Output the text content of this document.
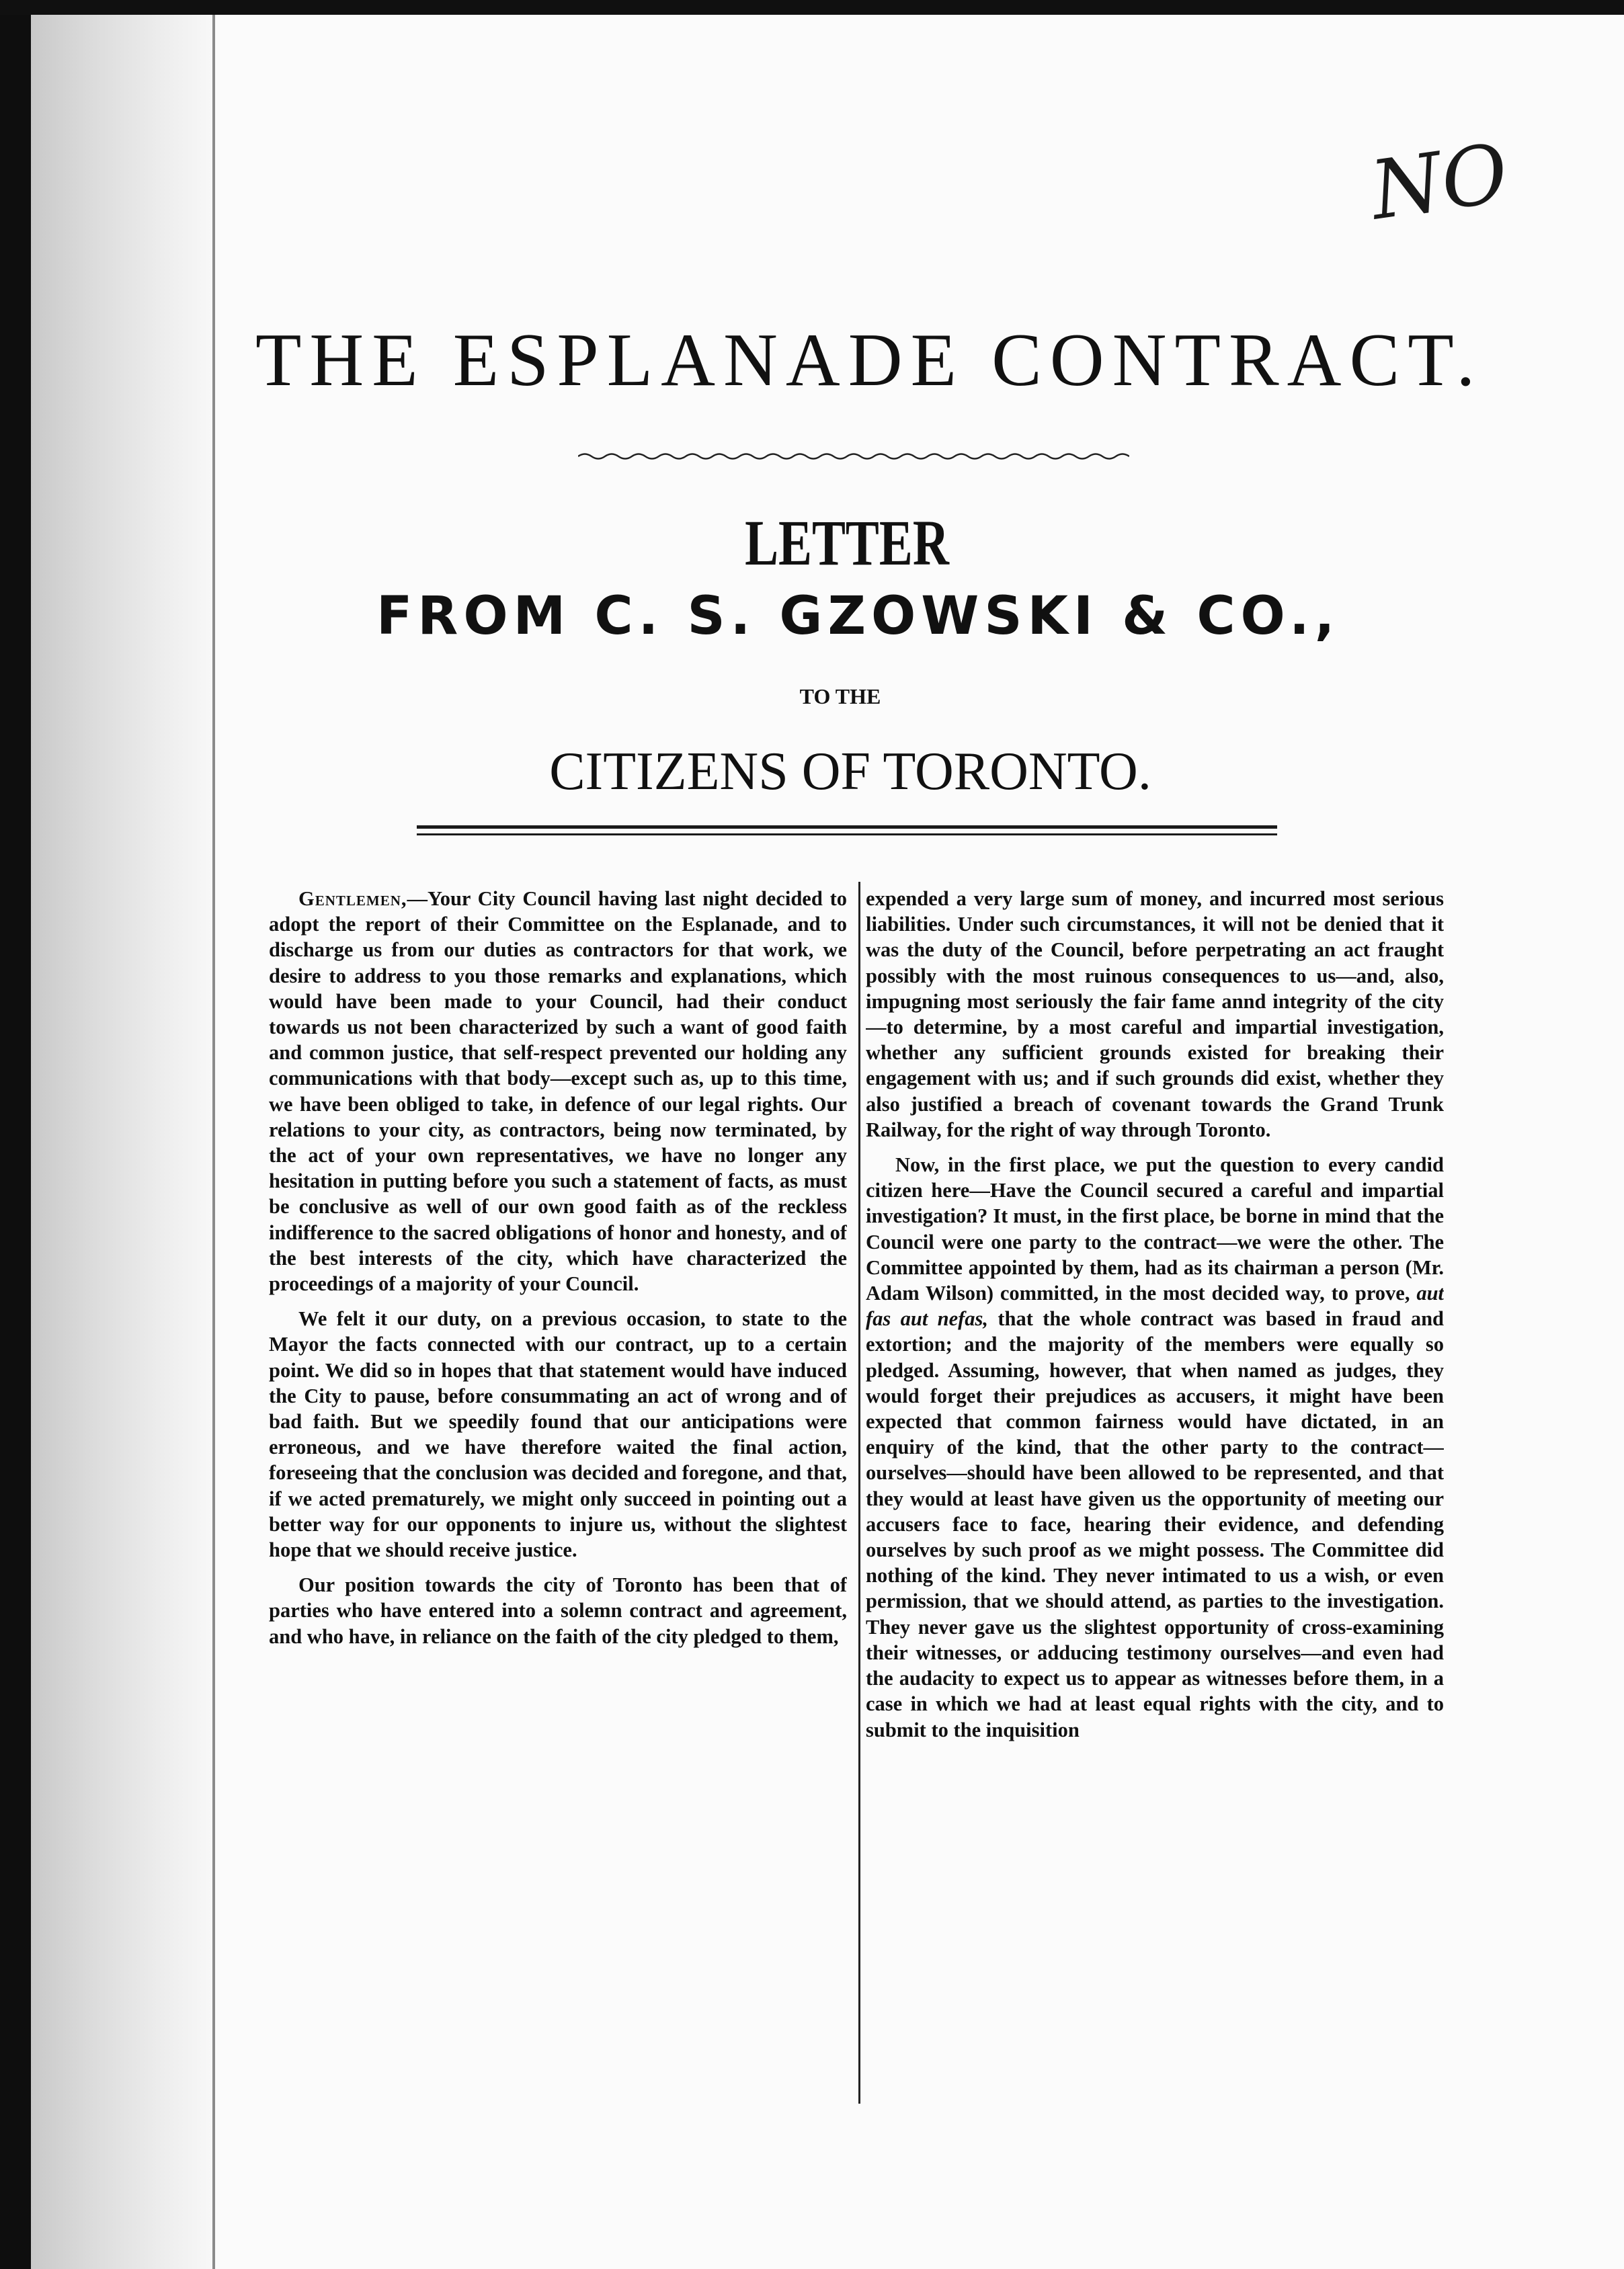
NO
THE ESPLANADE CONTRACT.
LETTER
FROM C. S. GZOWSKI & CO.,
TO THE
CITIZENS OF TORONTO.

Gentlemen,—Your City Council having last night decided to adopt the report of their Committee on the Esplanade, and to discharge us from our duties as contractors for that work, we desire to address to you those remarks and explanations, which would have been made to your Council, had their conduct towards us not been characterized by such a want of good faith and common justice, that self-respect prevented our holding any communications with that body—except such as, up to this time, we have been obliged to take, in defence of our legal rights. Our relations to your city, as contractors, being now terminated, by the act of your own representatives, we have no longer any hesitation in putting before you such a statement of facts, as must be conclusive as well of our own good faith as of the reckless indifference to the sacred obligations of honor and honesty, and of the best interests of the city, which have characterized the proceedings of a majority of your Council.

We felt it our duty, on a previous occasion, to state to the Mayor the facts connected with our contract, up to a certain point. We did so in hopes that that statement would have induced the City to pause, before consummating an act of wrong and of bad faith. But we speedily found that our anticipations were erroneous, and we have therefore waited the final action, foreseeing that the conclusion was decided and foregone, and that, if we acted prematurely, we might only succeed in pointing out a better way for our opponents to injure us, without the slightest hope that we should receive justice.

Our position towards the city of Toronto has been that of parties who have entered into a solemn contract and agreement, and who have, in reliance on the faith of the city pledged to them,

expended a very large sum of money, and incurred most serious liabilities. Under such circumstances, it will not be denied that it was the duty of the Council, before perpetrating an act fraught possibly with the most ruinous consequences to us—and, also, impugning most seriously the fair fame annd integrity of the city—to determine, by a most careful and impartial investigation, whether any sufficient grounds existed for breaking their engagement with us; and if such grounds did exist, whether they also justified a breach of covenant towards the Grand Trunk Railway, for the right of way through Toronto.

Now, in the first place, we put the question to every candid citizen here—Have the Council secured a careful and impartial investigation? It must, in the first place, be borne in mind that the Council were one party to the contract—we were the other. The Committee appointed by them, had as its chairman a person (Mr. Adam Wilson) committed, in the most decided way, to prove, aut fas aut nefas, that the whole contract was based in fraud and extortion; and the majority of the members were equally so pledged. Assuming, however, that when named as judges, they would forget their prejudices as accusers, it might have been expected that common fairness would have dictated, in an enquiry of the kind, that the other party to the contract—ourselves—should have been allowed to be represented, and that they would at least have given us the opportunity of meeting our accusers face to face, hearing their evidence, and defending ourselves by such proof as we might possess. The Committee did nothing of the kind. They never intimated to us a wish, or even permission, that we should attend, as parties to the investigation. They never gave us the slightest opportunity of cross-examining their witnesses, or adducing testimony ourselves—and even had the audacity to expect us to appear as witnesses before them, in a case in which we had at least equal rights with the city, and to submit to the inquisition
